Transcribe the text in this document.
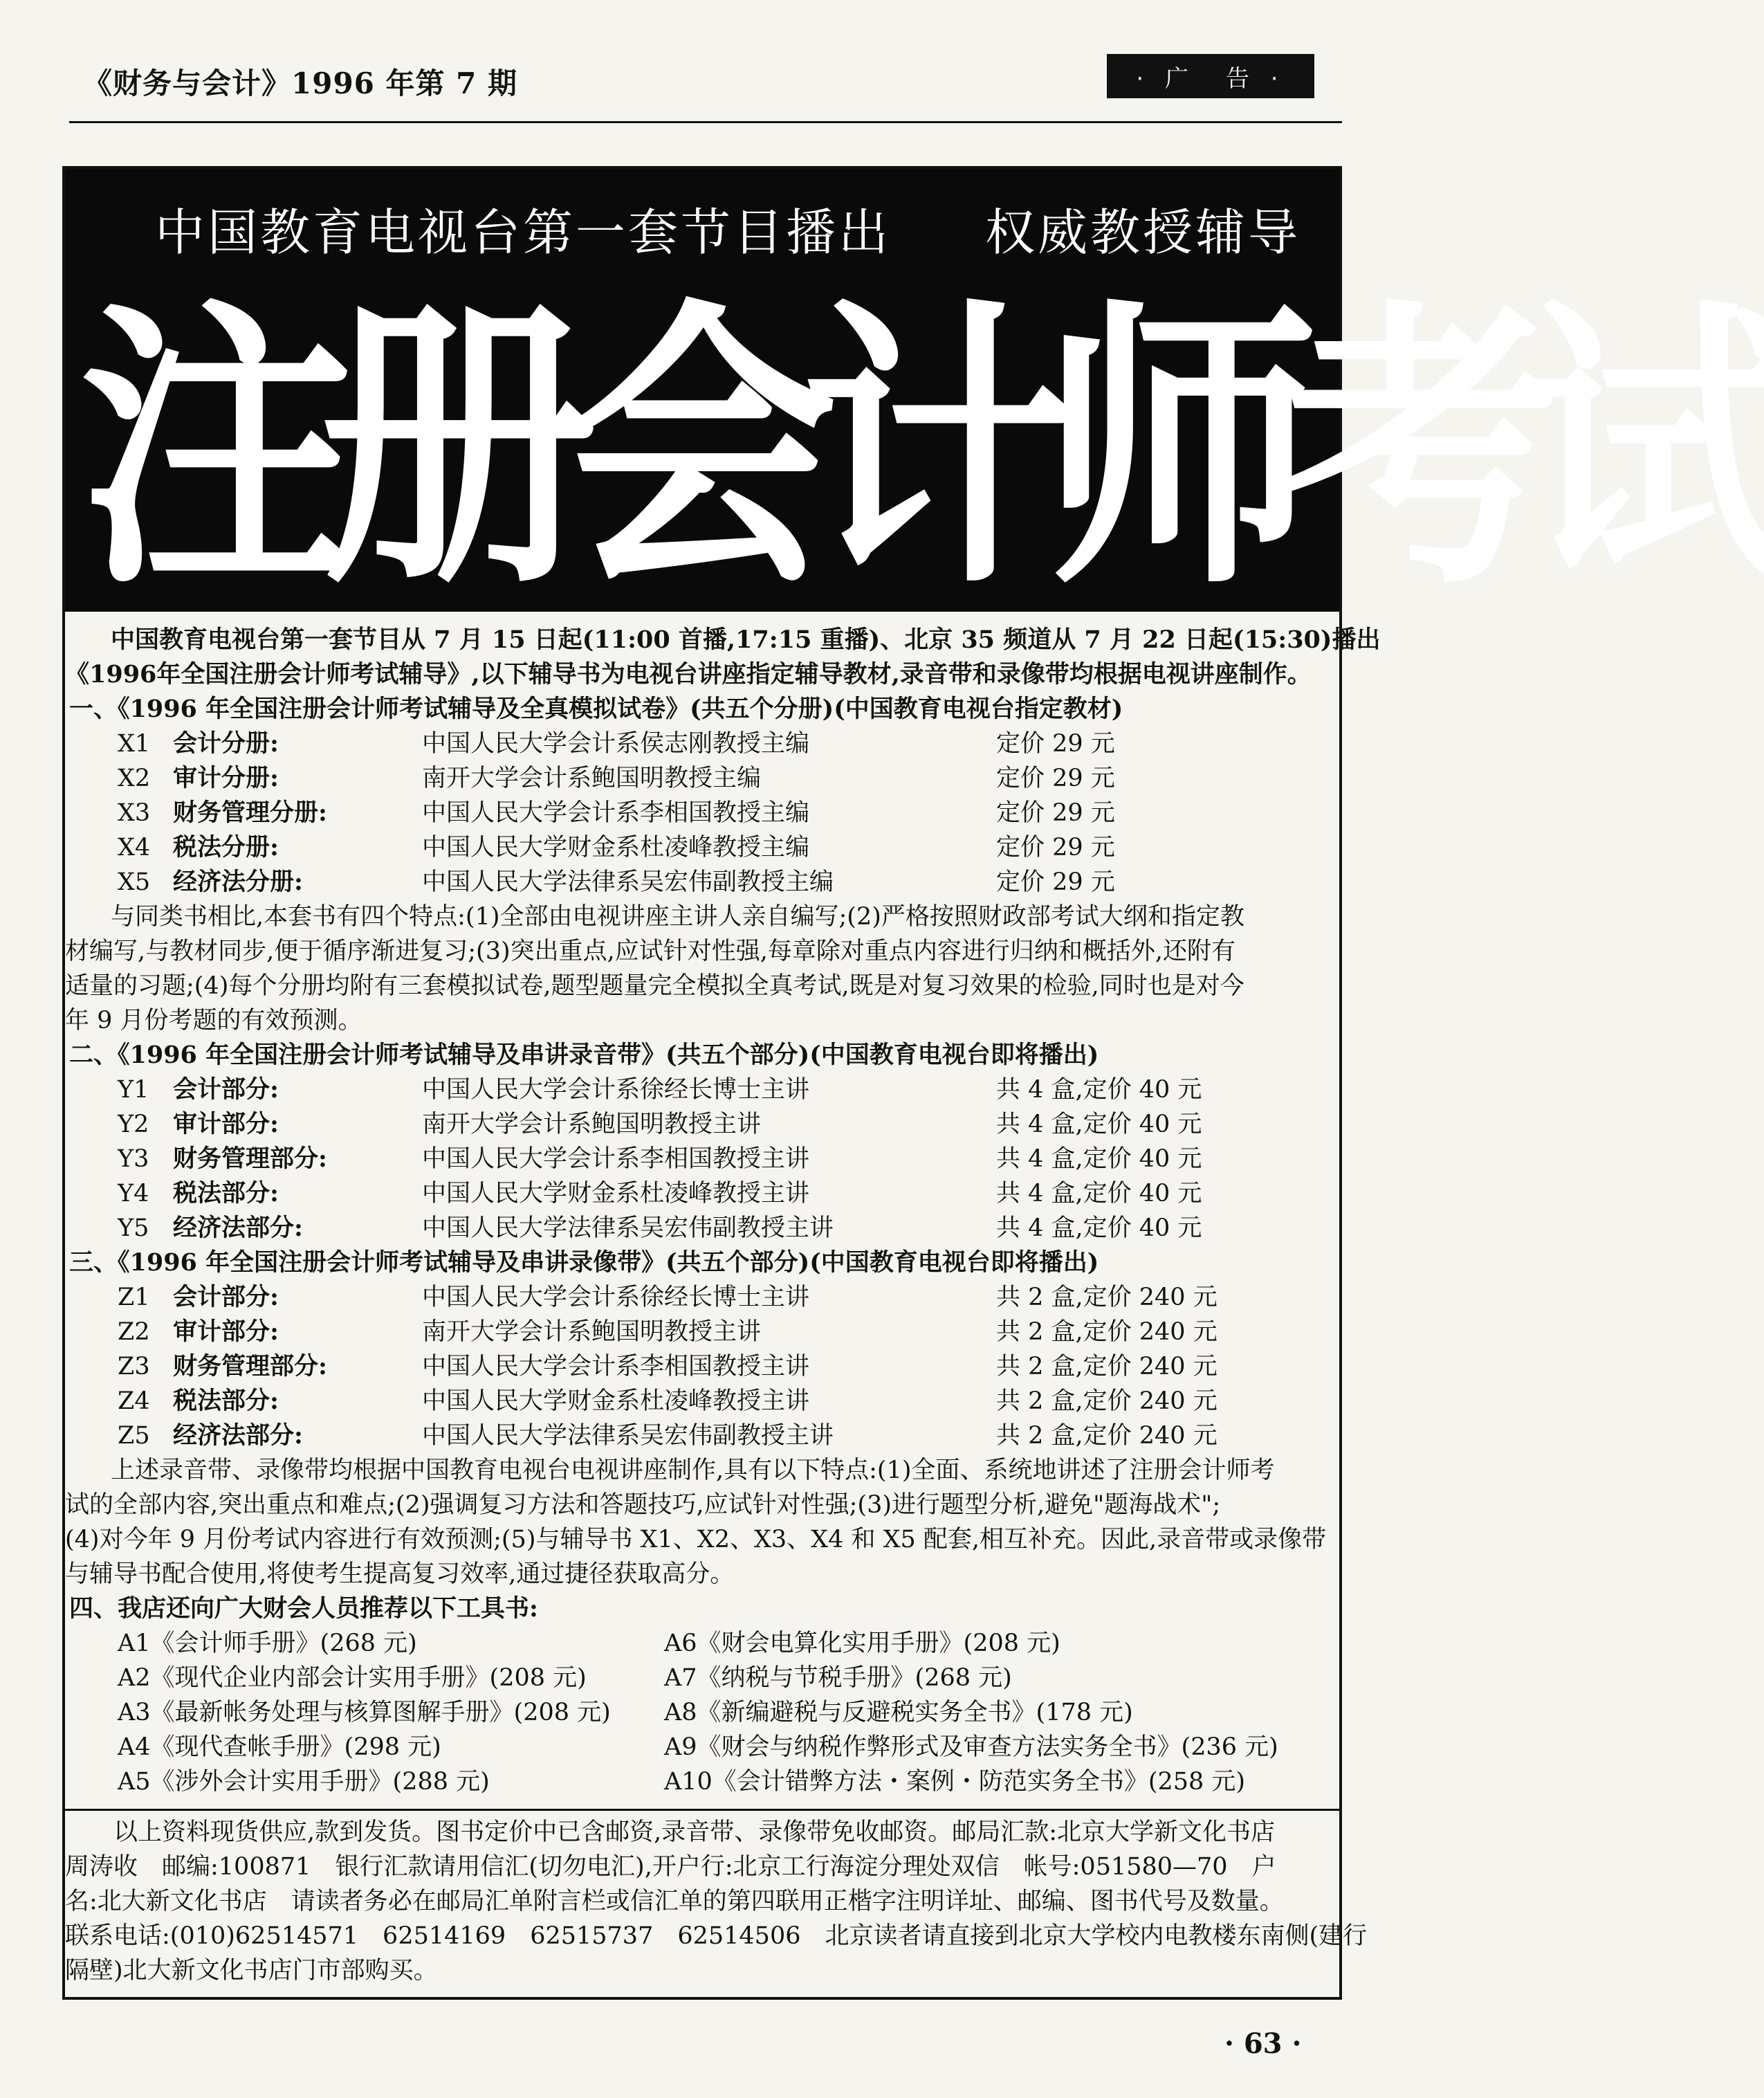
《财务与会计》1996 年第 7 期	· 广　告 ·
中国教育电视台第一套节目播出 权威教授辅导
注册会计师考试

中国教育电视台第一套节目从 7 月 15 日起(11:00 首播,17:15 重播)、北京 35 频道从 7 月 22 日起(15:30)播出

《1996年全国注册会计师考试辅导》,以下辅导书为电视台讲座指定辅导教材,录音带和录像带均根据电视讲座制作。

一、《1996 年全国注册会计师考试辅导及全真模拟试卷》(共五个分册)(中国教育电视台指定教材)

X1 会计分册:	中国人民大学会计系侯志刚教授主编	定价 29 元
X2 审计分册:	南开大学会计系鲍国明教授主编	定价 29 元
X3 财务管理分册:	中国人民大学会计系李相国教授主编	定价 29 元
X4 税法分册:	中国人民大学财金系杜凌峰教授主编	定价 29 元
X5 经济法分册:	中国人民大学法律系吴宏伟副教授主编	定价 29 元

与同类书相比,本套书有四个特点:(1)全部由电视讲座主讲人亲自编写;(2)严格按照财政部考试大纲和指定教

材编写,与教材同步,便于循序渐进复习;(3)突出重点,应试针对性强,每章除对重点内容进行归纳和概括外,还附有

适量的习题;(4)每个分册均附有三套模拟试卷,题型题量完全模拟全真考试,既是对复习效果的检验,同时也是对今

年 9 月份考题的有效预测。

二、《1996 年全国注册会计师考试辅导及串讲录音带》(共五个部分)(中国教育电视台即将播出)

Y1 会计部分:	中国人民大学会计系徐经长博士主讲	共 4 盒,定价 40 元
Y2 审计部分:	南开大学会计系鲍国明教授主讲	共 4 盒,定价 40 元
Y3 财务管理部分:	中国人民大学会计系李相国教授主讲	共 4 盒,定价 40 元
Y4 税法部分:	中国人民大学财金系杜凌峰教授主讲	共 4 盒,定价 40 元
Y5 经济法部分:	中国人民大学法律系吴宏伟副教授主讲	共 4 盒,定价 40 元

三、《1996 年全国注册会计师考试辅导及串讲录像带》(共五个部分)(中国教育电视台即将播出)

Z1 会计部分:	中国人民大学会计系徐经长博士主讲	共 2 盒,定价 240 元
Z2 审计部分:	南开大学会计系鲍国明教授主讲	共 2 盒,定价 240 元
Z3 财务管理部分:	中国人民大学会计系李相国教授主讲	共 2 盒,定价 240 元
Z4 税法部分:	中国人民大学财金系杜凌峰教授主讲	共 2 盒,定价 240 元
Z5 经济法部分:	中国人民大学法律系吴宏伟副教授主讲	共 2 盒,定价 240 元

上述录音带、录像带均根据中国教育电视台电视讲座制作,具有以下特点:(1)全面、系统地讲述了注册会计师考

试的全部内容,突出重点和难点;(2)强调复习方法和答题技巧,应试针对性强;(3)进行题型分析,避免"题海战术";

(4)对今年 9 月份考试内容进行有效预测;(5)与辅导书 X1、X2、X3、X4 和 X5 配套,相互补充。因此,录音带或录像带

与辅导书配合使用,将使考生提高复习效率,通过捷径获取高分。

四、我店还向广大财会人员推荐以下工具书:

A1《会计师手册》(268 元)	A6《财会电算化实用手册》(208 元)
A2《现代企业内部会计实用手册》(208 元)	A7《纳税与节税手册》(268 元)
A3《最新帐务处理与核算图解手册》(208 元)	A8《新编避税与反避税实务全书》(178 元)
A4《现代查帐手册》(298 元)	A9《财会与纳税作弊形式及审查方法实务全书》(236 元)
A5《涉外会计实用手册》(288 元)	A10《会计错弊方法・案例・防范实务全书》(258 元)

　　以上资料现货供应,款到发货。图书定价中已含邮资,录音带、录像带免收邮资。邮局汇款:北京大学新文化书店

周涛收　邮编:100871　银行汇款请用信汇(切勿电汇),开户行:北京工行海淀分理处双信　帐号:051580—70　户

名:北大新文化书店　请读者务必在邮局汇单附言栏或信汇单的第四联用正楷字注明详址、邮编、图书代号及数量。

联系电话:(010)62514571　62514169　62515737　62514506　北京读者请直接到北京大学校内电教楼东南侧(建行

隔壁)北大新文化书店门市部购买。

· 63 ·
